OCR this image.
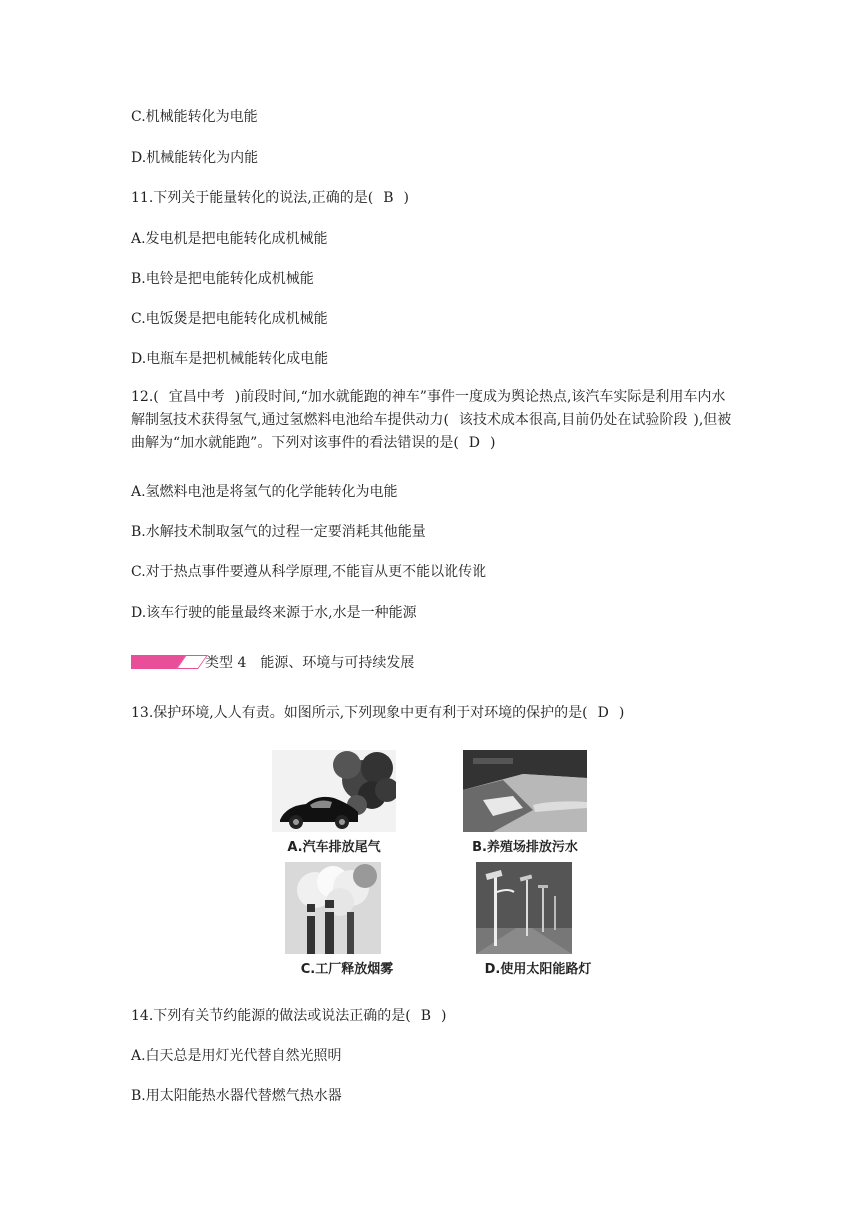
C.机械能转化为电能
D.机械能转化为内能
11.下列关于能量转化的说法,正确的是( B )
A.发电机是把电能转化成机械能
B.电铃是把电能转化成机械能
C.电饭煲是把电能转化成机械能
D.电瓶车是把机械能转化成电能
12.( 宜昌中考 )前段时间,“加水就能跑的神车”事件一度成为舆论热点,该汽车实际是利用车内水解制氢技术获得氢气,通过氢燃料电池给车提供动力( 该技术成本很高,目前仍处在试验阶段 ),但被曲解为“加水就能跑”。下列对该事件的看法错误的是( D )
A.氢燃料电池是将氢气的化学能转化为电能
B.水解技术制取氢气的过程一定要消耗其他能量
C.对于热点事件要遵从科学原理,不能盲从更不能以讹传讹
D.该车行驶的能量最终来源于水,水是一种能源
类型 4　能源、环境与可持续发展
13.保护环境,人人有责。如图所示,下列现象中更有利于对环境的保护的是( D )
A.汽车排放尾气	B.养殖场排放污水
C.工厂释放烟雾	D.使用太阳能路灯
14.下列有关节约能源的做法或说法正确的是( B )
A.白天总是用灯光代替自然光照明
B.用太阳能热水器代替燃气热水器
